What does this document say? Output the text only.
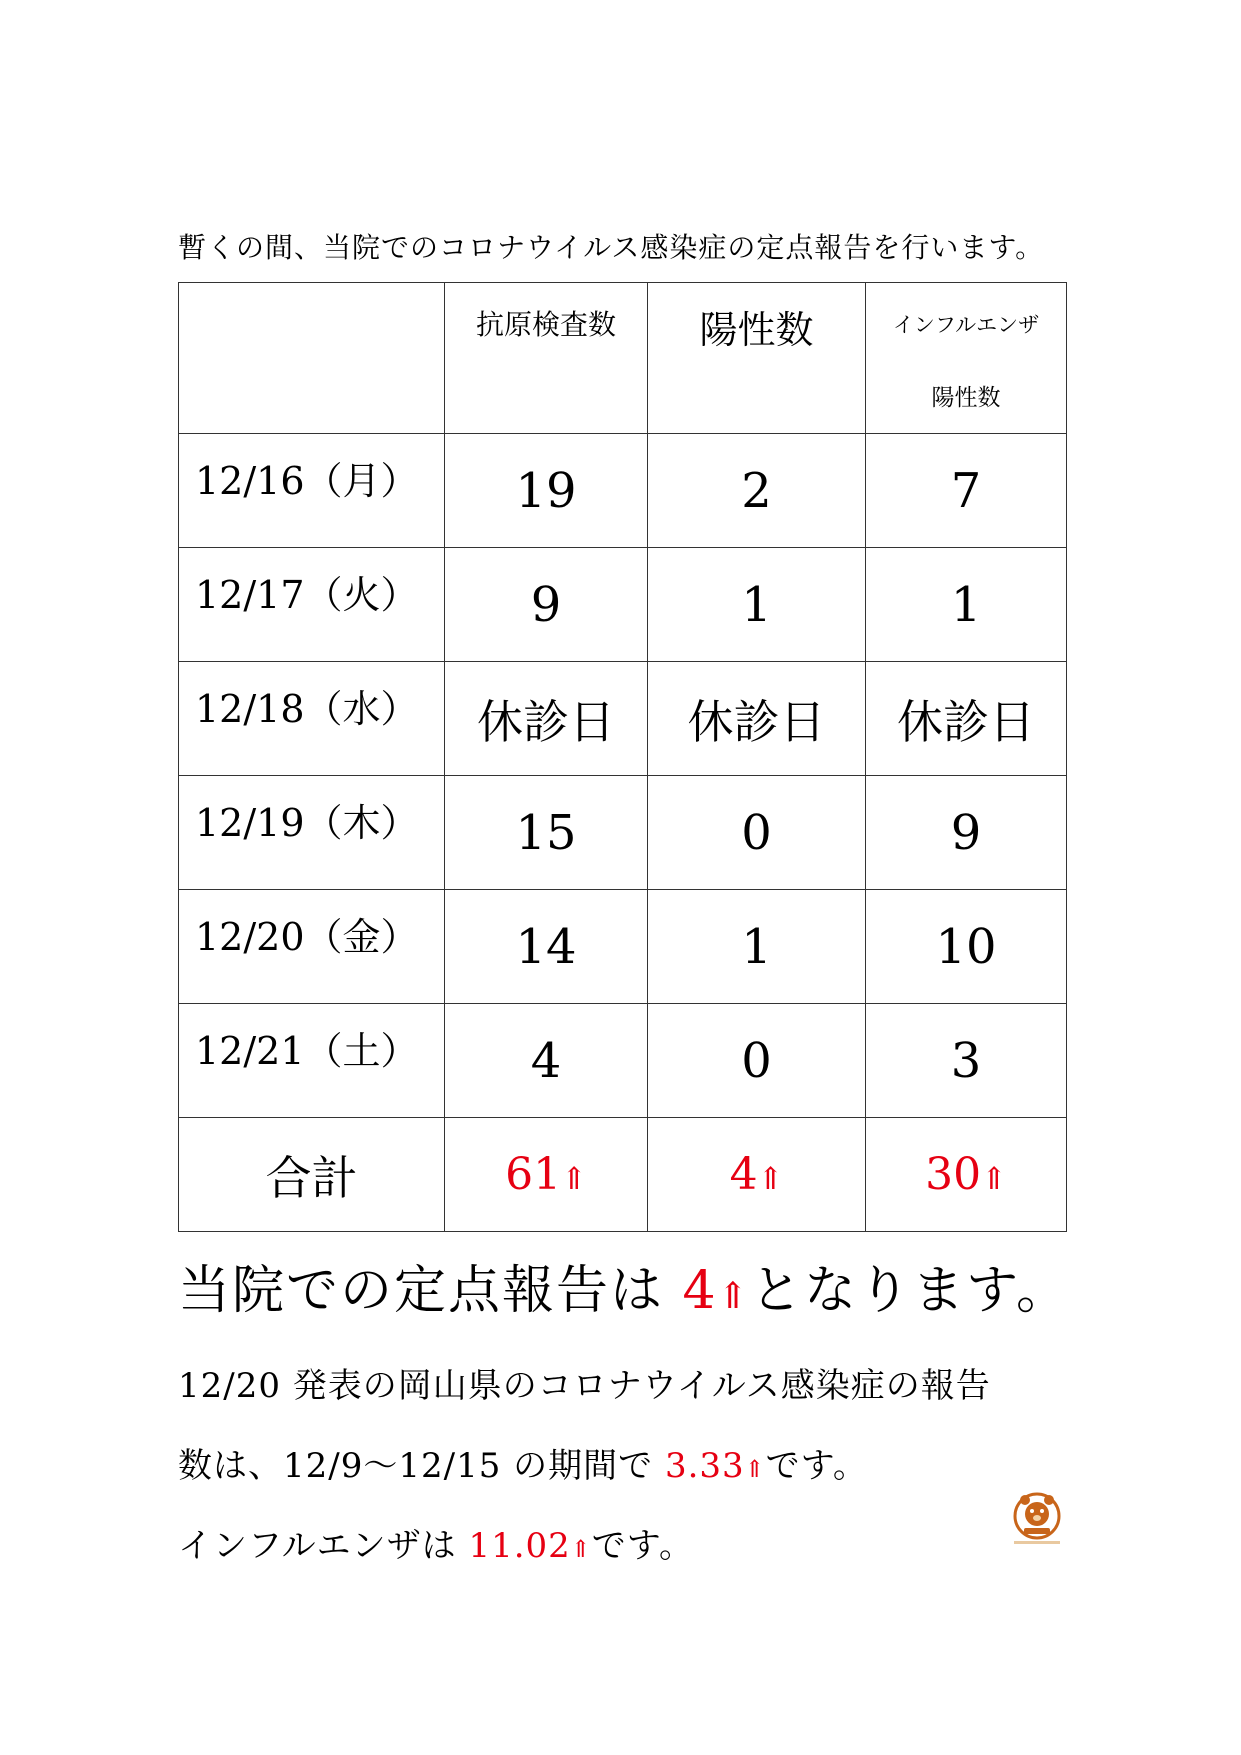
暫くの間、当院でのコロナウイルス感染症の定点報告を行います。

	抗原検査数	陽性数	インフルエンザ
陽性数

12/16（月）	19	2	7

12/17（火）	9	1	1

12/18（水）	休診日	休診日	休診日

12/19（木）	15	0	9

12/20（金）	14	1	10

12/21（土）	4	0	3
合計	61⇑	4⇑	30⇑
当院での定点報告は 4⇑となります。
12/20 発表の岡山県のコロナウイルス感染症の報告
数は、12/9～12/15 の期間で 3.33⇑です。
インフルエンザは 11.02⇑です。
